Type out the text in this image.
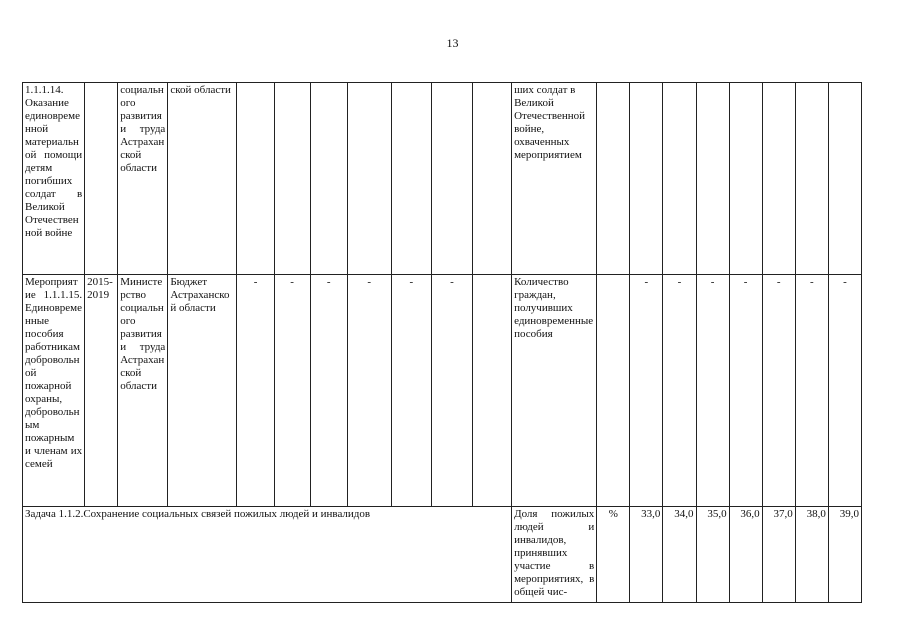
13
1.1.1.14. Оказание единовременной материальной помощи детям погибших солдат в Великой Отечественной войне		социального развития и труда Астраханской области	ской области								ших солдат в Великой Отечественной войне, охваченных мероприятием								
Мероприятие 1.1.1.15. Единовременные пособия работникам добровольной пожарной охраны, добровольным пожарным и членам их семей	2015-2019	Министерство социального развития и труда Астраханской области	Бюджет Астраханской области	-	-	-	-	-	-		Количество граждан, получивших единовременные пособия		-	-	-	-	-	-	-
Задача 1.1.2.Сохранение социальных связей пожилых людей и инвалидов											Доля пожилых людей и инвалидов, принявших участие в мероприятиях, в общей чис-	%	33,0	34,0	35,0	36,0	37,0	38,0	39,0
